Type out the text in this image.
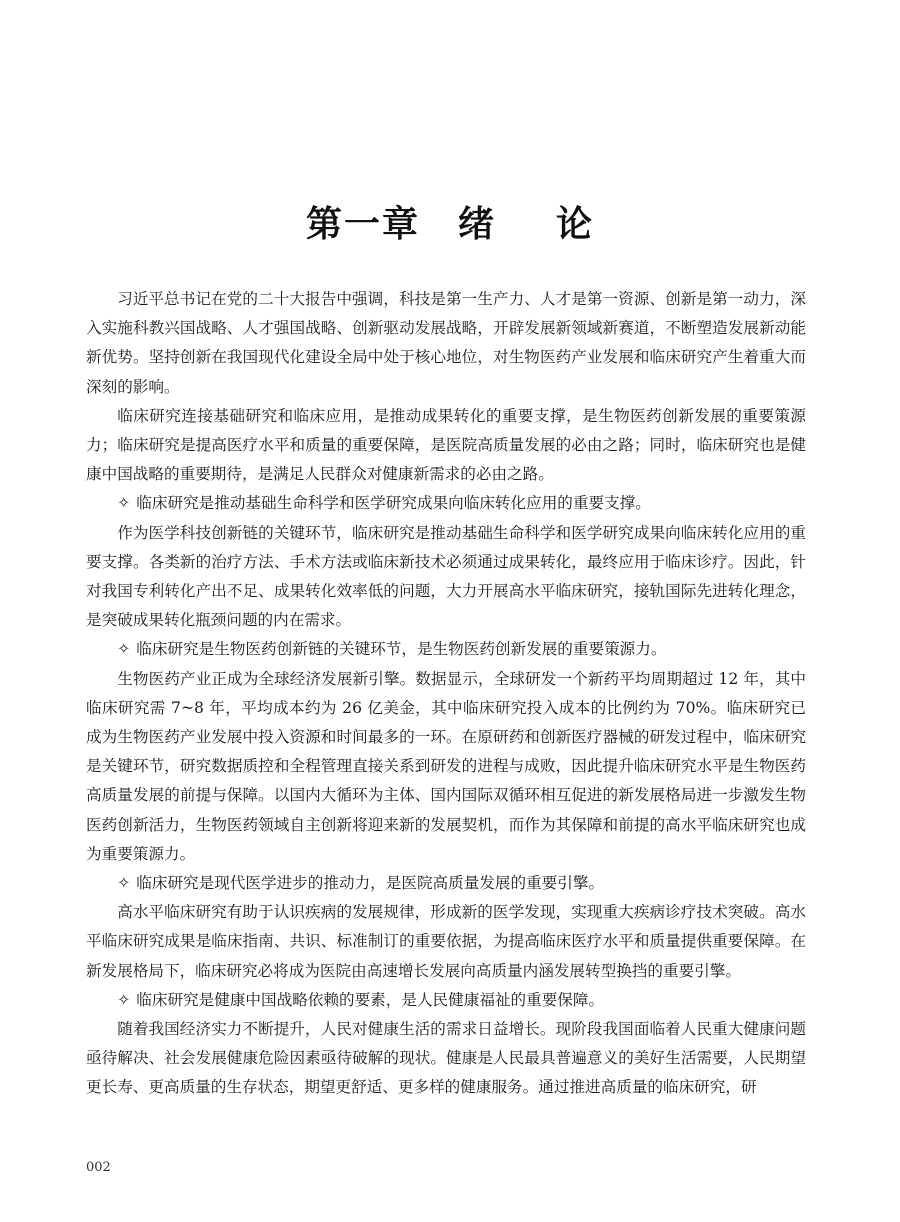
第一章 绪 论

习近平总书记在党的二十大报告中强调，科技是第一生产力、人才是第一资源、创新是第一动力，深入实施科教兴国战略、人才强国战略、创新驱动发展战略，开辟发展新领域新赛道，不断塑造发展新动能新优势。坚持创新在我国现代化建设全局中处于核心地位，对生物医药产业发展和临床研究产生着重大而深刻的影响。

临床研究连接基础研究和临床应用，是推动成果转化的重要支撑，是生物医药创新发展的重要策源力；临床研究是提高医疗水平和质量的重要保障，是医院高质量发展的必由之路；同时，临床研究也是健康中国战略的重要期待，是满足人民群众对健康新需求的必由之路。

✧ 临床研究是推动基础生命科学和医学研究成果向临床转化应用的重要支撑。

作为医学科技创新链的关键环节，临床研究是推动基础生命科学和医学研究成果向临床转化应用的重要支撑。各类新的治疗方法、手术方法或临床新技术必须通过成果转化，最终应用于临床诊疗。因此，针对我国专利转化产出不足、成果转化效率低的问题，大力开展高水平临床研究，接轨国际先进转化理念，是突破成果转化瓶颈问题的内在需求。

✧ 临床研究是生物医药创新链的关键环节，是生物医药创新发展的重要策源力。

生物医药产业正成为全球经济发展新引擎。数据显示，全球研发一个新药平均周期超过 12 年，其中临床研究需 7~8 年，平均成本约为 26 亿美金，其中临床研究投入成本的比例约为 70%。临床研究已成为生物医药产业发展中投入资源和时间最多的一环。在原研药和创新医疗器械的研发过程中，临床研究是关键环节，研究数据质控和全程管理直接关系到研发的进程与成败，因此提升临床研究水平是生物医药高质量发展的前提与保障。以国内大循环为主体、国内国际双循环相互促进的新发展格局进一步激发生物医药创新活力，生物医药领域自主创新将迎来新的发展契机，而作为其保障和前提的高水平临床研究也成为重要策源力。

✧ 临床研究是现代医学进步的推动力，是医院高质量发展的重要引擎。

高水平临床研究有助于认识疾病的发展规律，形成新的医学发现，实现重大疾病诊疗技术突破。高水平临床研究成果是临床指南、共识、标准制订的重要依据，为提高临床医疗水平和质量提供重要保障。在新发展格局下，临床研究必将成为医院由高速增长发展向高质量内涵发展转型换挡的重要引擎。

✧ 临床研究是健康中国战略依赖的要素，是人民健康福祉的重要保障。

随着我国经济实力不断提升，人民对健康生活的需求日益增长。现阶段我国面临着人民重大健康问题亟待解决、社会发展健康危险因素亟待破解的现状。健康是人民最具普遍意义的美好生活需要，人民期望更长寿、更高质量的生存状态，期望更舒适、更多样的健康服务。通过推进高质量的临床研究，研

002
